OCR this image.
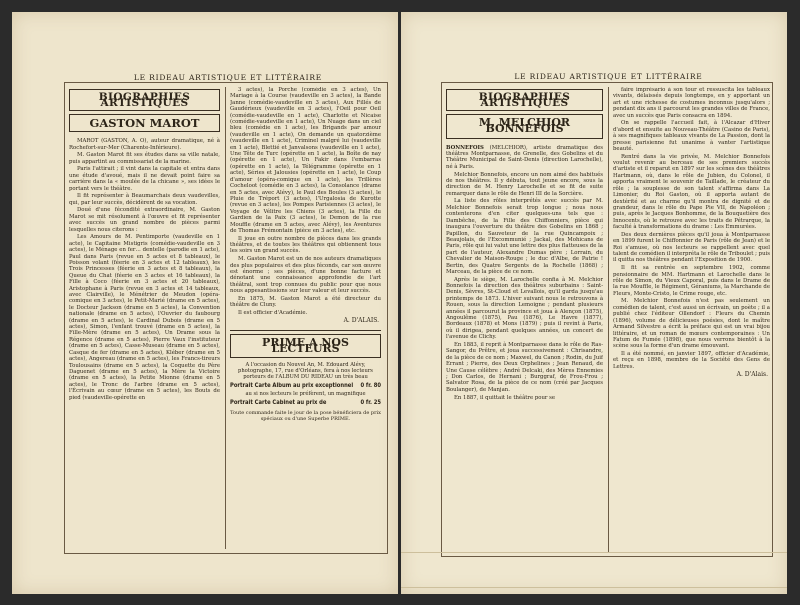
LE RIDEAU ARTISTIQUE ET LITTÉRAIRE
BIOGRAPHIES ARTISTIQUES
GASTON MAROT

MAROT (GASTON, A. O), auteur dramatique, né à Rochefort-sur-Mer (Charente-Inférieure).

M. Gaston Marot fit ses études dans sa ville natale, puis appartint au commissariat de la marine.

Paris l'attirait ; il vint dans la capitale et entra dans une étude d'avoué, mais il ne devait point faire sa carrière dans la « moulée de la chicane », ses idées le portant vers le théâtre.

Il fit représenter à Beaumarchais deux vaudevilles, qui, par leur succès, décidèrent de sa vocation.

Doué d'une fécondité extraordinaire, M. Gaston Marot se mit résolument à l'œuvre et fit représenter avec succès un grand nombre de pièces parmi lesquelles nous citerons :

Les Amours de M. Pentimporte (vaudeville en 1 acte), le Capitaine Mistigris (comédie-vaudeville en 3 actes), le Ménage en fer… dentelle (parodie en 1 acte), Paul dans Paris (revue en 5 actes et 8 tableaux), le Poisson volant (féerie en 3 actes et 12 tableaux), les Trois Princesses (féerie en 3 actes et 8 tableaux), la Queue du Chat (féerie en 3 actes et 16 tableaux), la Fille à Coco (féerie en 3 actes et 20 tableaux), Aristophane à Paris (revue en 3 actes et 14 tableaux, avec Clairville), le Ménétrier de Meudon (opéra-comique en 3 actes), le Petit-Marié (drame en 5 actes), le Docteur Jackson (drame en 5 actes), la Convention nationale (drame en 5 actes), l'Ouvrier du faubourg (drame en 5 actes), le Cardinal Dubois (drame en 5 actes), Simon, l'enfant trouvé (drame en 5 actes), la Fille-Mère (drame en 5 actes), Un Drame sous la Régence (drame en 5 actes), Pierre Vaux l'instituteur (drame en 5 actes), Casse-Museau (drame en 5 actes), Casque de fer (drame en 5 actes), Kléber (drame en 5 actes), Angereau (drame en 5 actes), les Francs-tireurs Toulousains (drame en 5 actes), la Coquette du Père Daguenet (drame en 5 actes), la Mère la Victoire (drame en 5 actes), la Petite Mionne (drame en 5 actes), le Tronc de l'arbre (drame en 5 actes), l'Écrivain au cœur (drame en 5 actes), les Bouts de pied (vaudeville-opérette en

3 actes), la Porche (comédie en 3 actes), Un Mariage à la Course (vaudeville en 3 actes), la Bande Janne (comédie-vaudeville en 3 actes), Aux Fillés de Gaudérieux (vaudeville en 3 actes), l'Oeil pour Oeil (comédie-vaudeville en 1 acte), Charlotte et Nicaise (comédie-vaudeville en 1 acte), Un Nuage dans un ciel bleu (comédie en 1 acte), les Brigands par amour (vaudeville en 1 acte), On demande un quatorzième (vaudeville en 1 acte), Criminel malgré lui (vaudeville en 1 acte), Blettié et Janvalsons (vaudeville en 1 acte), Une Tête de Turc (opérette en 1 acte), la Boîte de nay (opérette en 1 acte), Un Fakir dans l'embarras (opérette en 1 acte), la Télégramme (opérette en 1 acte), Séries et Jalousies (opérette en 1 acte), le Coup d'amour (opéra-comique en 1 acte), les Trillères Cocheloot (comédie en 3 actes), la Consolance (drame en 5 actes, avec Alévy), le Paul des Boules (3 actes), le Pluie de Tréport (3 actes), l'Urgalosia de Kurotte (revue en 3 actes), les Pompes Parisiennes (3 actes), le Voyage de Vélitre les Chiens (3 actes), la Fille du Gardien de la Paix (3 actes), le Demon de la rue Mouffle (drame en 5 actes, avec Alévy), les Aventures de Thomas Frémontain (pièce en 3 actes), etc.

Il joue en outre nombre de pièces dans les grands théâtres, et de toutes les théâtres qui obtiennent tous les soirs un grand succès.

M. Gaston Marot est un de nos auteurs dramatiques des plus populaires et des plus féconds, car son œuvre est énorme ; ses pièces, d'une bonne facture et dénotant une connaissance approfondie de l'art théâtral, sont trop connues du public pour que nous nous appesantissions sur leur valeur et leur succès.

En 1875, M. Gaston Marot a été directeur du théâtre de Cluny.

Il est officier d'Académie.

A. D'ALAIS.
PRIME A NOS LECTEURS
A l'occasion du Nouvel An, M. Edouard Alévy, photographe, 17, rue d'Orléans, fera à nos lecteurs porteurs de l'ALBUM DU RIDEAU un très beau
Portrait Carte Album au prix exceptionnel 0 fr. 80
au si nos lecteurs le préfèrent, un magnifique
Portrait Carte Cabinet au prix de	0 fr. 25
Toute commande faite le jour de la pose bénéficiera de prix spéciaux ou d'une Superbe PRIME.
LE RIDEAU ARTISTIQUE ET LITTÉRAIRE
BIOGRAPHIES ARTISTIQUES
M. MELCHIOR BONNEFOIS

BONNEFOIS (MELCHIOR), artiste dramatique des théâtres Montparnasse, de Grenelle, des Gobelins et du Théâtre Municipal de Saint-Denis (direction Larochelle), né à Paris.

Melchior Bonnefois, encore un nom aimé des habitués de nos théâtres. Il y débuta, tout jeune encore, sous la direction de M. Henry Larochelle et se fit de suite remarquer dans le rôle de Henri III de la Sorcière.

La liste des rôles interprétés avec succès par M. Melchior Bonnefois serait trop longue ; nous nous contenterons d'en citer quelques-uns tels que : Dambêche, de la Fille des Chiffonniers, pièce qui inaugura l'ouverture du théâtre des Gobelins en 1868 ; Papillon, du Sauveteur de la rue Quincampoix ; Beaujolais, de l'Excommunié ; Jackal, des Mohicans de Paris, rôle qui lui valut une lettre des plus flatteuses de la part de l'auteur, Alexandre Dumas père ; Lorrain, du Chevalier de Maison-Rouge ; le duc d'Albe, de Patrie ! Bertin, des Quatre Sergents de la Rochelle (1868) ; Marceau, de la pièce de ce nom.

Après le siège, M. Larochelle confia à M. Melchior Bonnefois la direction des théâtres suburbains : Saint-Denis, Sèvres, St-Cloud et Levallois, qu'il garda jusqu'au printemps de 1873. L'hiver suivant nous le retrouvons à Rouen, sous la direction Lemoigne ; pendant plusieurs années il parcourut la province et joua à Alençon (1875), Angoulême (1875), Pau (1876), Le Havre (1877), Bordeaux (1878) et Mons (1879) ; puis il revint à Paris, où il dirigea, pendant quelques années, un concert de l'avenue de Clichy.

En 1883, il reprit à Montparnasse dans le rôle de Ras-Sangor, du Prêtre, et joua successivement : Chrisandre, de la pièce de ce nom ; Maxwel, du Canon ; Rodin, du Juif Errant ; Pierre, des Deux Orphelines ; Jean Renaud, de Une Cause célèbre ; André Delcaki, des Mères Ennemies ; Don Carlos, de Hernani ; Burggraf, de Frou-Frou ; Salvator Rosa, de la pièce de ce nom (créé par Jacques Boulanger), de Manjan.

En 1887, il quittait le théâtre pour se

faire imprésario à son tour et ressuscita les tableaux vivants, délaissés depuis longtemps, en y apportant un art et une richesse de costumes inconnus jusqu'alors ; pendant dix ans il parcourut les grandes villes de France, avec un succès que Paris consacra en 1894.

On se rappelle l'accueil fait, à l'Alcazar d'Hiver d'abord et ensuite au Nouveau-Théâtre (Casino de Paris), à ses magnifiques tableaux vivants de La Passion, dont la presse parisienne fut unanime à vanter l'artistique beauté.

Rentré dans la vie privée, M. Melchior Bonnefois voulut revenir au berceau de ses premiers succès d'artiste et il reparut en 1897 sur les scènes des théâtres Hartmann, où, dans le rôle de Jubien, du Colonel, il apporta vraiment le souvenir de Taillade, le créateur du rôle ; la souplesse de son talent s'affirma dans La Limonier, du Roi Gaston, où il apporta autant de dextérité et au charme qu'il montra de dignité et de grandeur, dans le rôle du Pape Pie VII, de Napoléon ; puis, après le Jacques Bonhomme, de la Bouquetière des Innocents, où le retrouve avec les traits de Pétrarque, la faculté à transformations du drame : Les Emmurées.

Des deux dernières pièces qu'il joua à Montparnasse en 1899 furent le Chiffonnier de Paris (rôle de Jean) et le Roi s'amuse, où nos lecteurs se rappellent avec quel talent de comédien il interpréta le rôle de Triboulet ; puis il quitta nos théâtres pendant l'Exposition de 1900.

Il fit sa rentrée en septembre 1902, comme pensionnaire de MM. Hartmann et Larochelle dans le rôle de Simon, du Vieux Caporal, puis dans le Drame de la rue Mouffle, le Régiment, Géraniums, la Marchande de Fleurs, Monte-Cristo, le Crime rouge, etc.

M. Melchior Bonnefois n'est pas seulement un comédien de talent, c'est aussi un écrivain, un poète ; il a publié chez l'éditeur Ollendorf : Fleurs du Chemin (1896), volume de délicieuses poésies, dont le maître Armand Silvestre a écrit la préface qui est un vrai bijou littéraire, et un roman de mœurs contemporaines : Un Fatum de Fumée (1898), que nous verrons bientôt à la scène sous la forme d'un drame émouvant.

Il a été nommé, en janvier 1897, officier d'Académie, et reçu en 1898, membre de la Société des Gens de Lettres.

A. D'Alais.
